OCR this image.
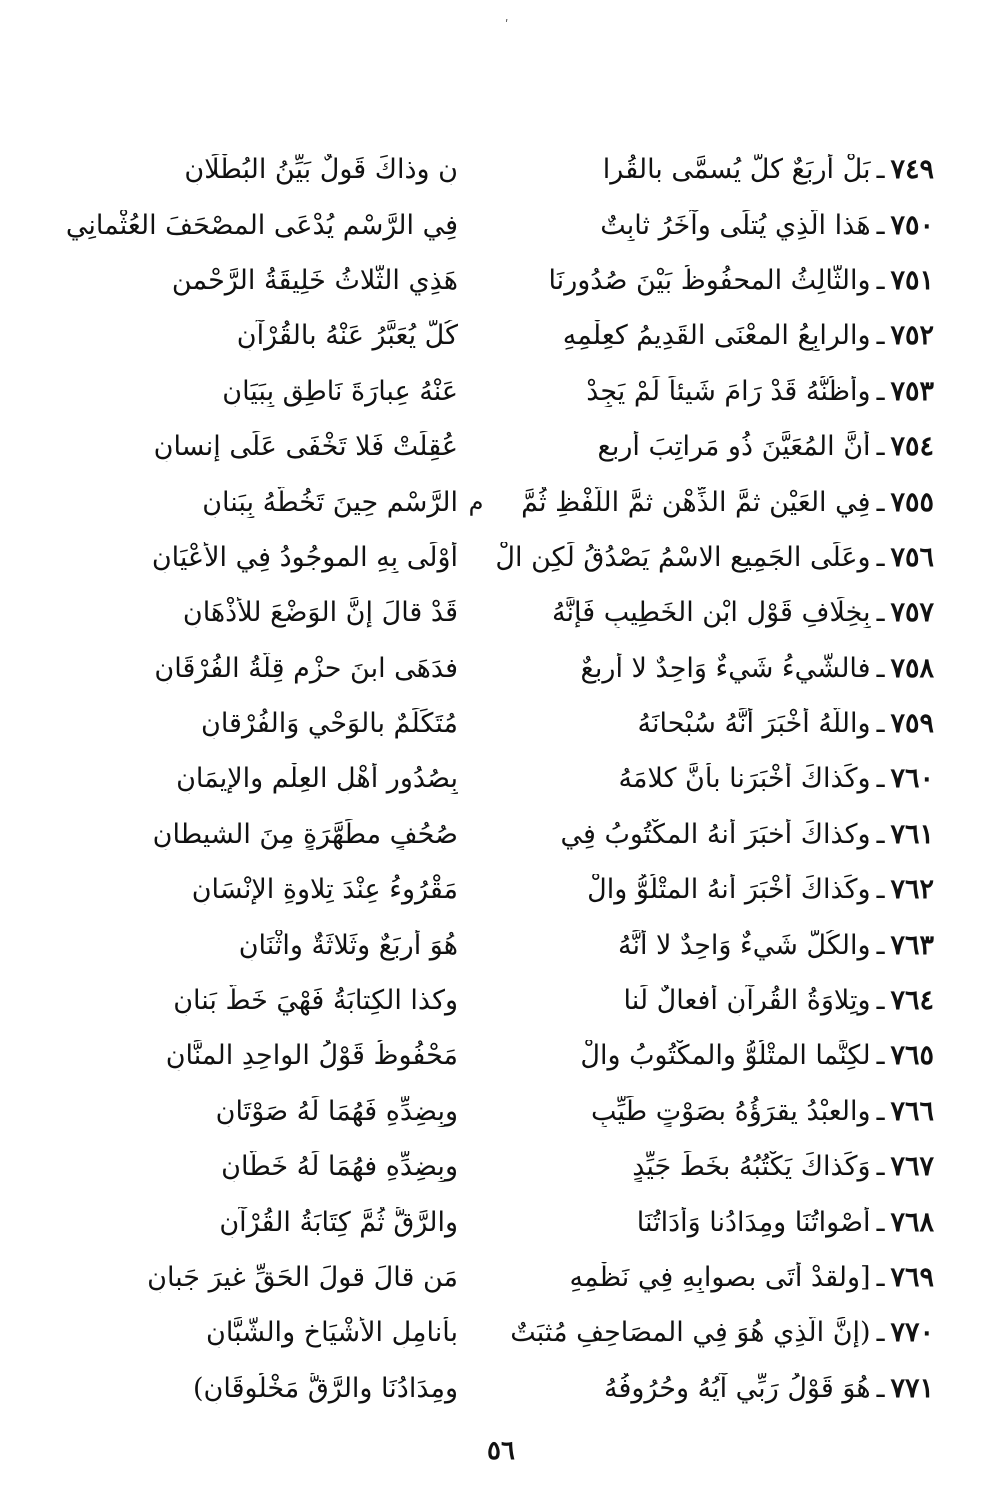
ʹ
٧٤٩
ـ
بَلْ أربَعٌ كلٌّ يُسمَّى بالقُرا
نِ وذاكَ قَولٌ بَيِّنُ البُطْلَانِ
٧٥٠
ـ
هَذا الَّذِي يُتلَى وآخَرُ ثابِتٌ
فِي الرَّسْمِ يُدْعَى المصْحَفَ العُثْمانِي
٧٥١
ـ
والثَّالِثُ المحفُوظُ بَيْنَ صُدُورِنَا
هَذِي الثَّلاثُ خَلِيقَةُ الرَّحْمنِ
٧٥٢
ـ
والرابِعُ المعْنَى القَدِيمُ كعِلْمِهِ
كُلٌّ يُعَبَّرُ عَنْهُ بالقُرْآنِ
٧٥٣
ـ
وأظُنُّهُ قَدْ رَامَ شَيئاً لَمْ يَجِدْ
عَنْهُ عِبارَةَ نَاطِقٍ بِبَيَانِ
٧٥٤
ـ
أنَّ المُعَيَّنَ ذُو مَراتِبَ أربعٍ
عُقِلَتْ فَلا تَخْفَى عَلَى إنسانِ
٧٥٥
ـ
فِي العَيْنِ ثمَّ الذِّهْنِ ثمَّ اللَّفْظِ ثُمَّ
م
الرَّسْمِ حِينَ تَخُطُّهُ بِبَنانِ
٧٥٦
ـ
وعَلَى الجَمِيعِ الاسْمُ يَصْدُقُ لَكِنِ الْ
أَوْلَى بِهِ الموجُودُ فِي الأعْيَانِ
٧٥٧
ـ
بِخِلَافِ قَوْلِ ابْنِ الخَطِيبِ فَإنَّهُ
قَدْ قالَ إنَّ الوَضْعَ للأذْهَانِ
٧٥٨
ـ
فالشَّيءُ شَيءٌ وَاحِدٌ لا أربعٌ
فدَهَى ابنَ حزْمٍ قِلَّةُ الفُرْقَانِ
٧٥٩
ـ
واللّهُ أخْبَرَ أنَّهُ سُبْحانَهُ
مُتَكَلِّمٌ بالوَحْيِ وَالفُرْقانِ
٧٦٠
ـ
وكَذاكَ أخْبَرَنا بأنَّ كلامَهُ
بِصُدُورِ أهْلِ العِلْمِ والإيمَانِ
٧٦١
ـ
وكذاكَ أخبَرَ أنهُ المكْتُوبُ فِي
صُحُفٍ مطَهَّرَةٍ مِنَ الشيطانِ
٧٦٢
ـ
وكَذاكَ أخْبَرَ أنهُ المتْلُوُّ والْ
مَقْرُوءُ عِنْدَ تِلاوةِ الإنْسَانِ
٧٦٣
ـ
والكُلُّ شَيءٌ وَاحِدٌ لا أنَّهُ
هُوَ أربَعٌ وثَلاثَةٌ واثْنَانِ
٧٦٤
ـ
وتِلاوَةُ القُرآنِ أفعالٌ لَنا
وكذا الكِتابَةُ فَهْيَ خَطُّ بَنانِ
٧٦٥
ـ
لكِنَّما المتْلُوُّ والمكْتُوبُ والْ
مَحْفُوظُ قَوْلُ الواحِدِ المنَّانِ
٧٦٦
ـ
والعبْدُ يقرَؤُهُ بصَوْتٍ طَيِّبٍ
وبِضِدِّهِ فَهُمَا لَهُ صَوْتَانِ
٧٦٧
ـ
وَكَذاكَ يَكْتُبُهُ بخَطٍّ جَيِّدٍ
وبِضِدِّهِ فهُمَا لَهُ خَطَّانِ
٧٦٨
ـ
أصْواتُنَا ومِدَادُنا وَأدَاتُنَا
والرَّقُّ ثُمَّ كِتَابَةُ القُرْآنِ
٧٦٩
ـ
[ولقدْ أتَى بصوابِهِ فِي نَظْمِهِ
مَن قالَ قولَ الحَقِّ غيرَ جَبانِ
٧٧٠
ـ
(إنَّ الَّذِي هُوَ فِي المصَاحِفِ مُثبَتٌ
بأنامِلِ الأشْيَاخِ والشُّبَّانِ
٧٧١
ـ
هُوَ قَوْلُ رَبِّي آيُهُ وحُرُوفُهُ
ومِدَادُنَا والرَّقُّ مَخْلُوقَانِ)
٥٦
